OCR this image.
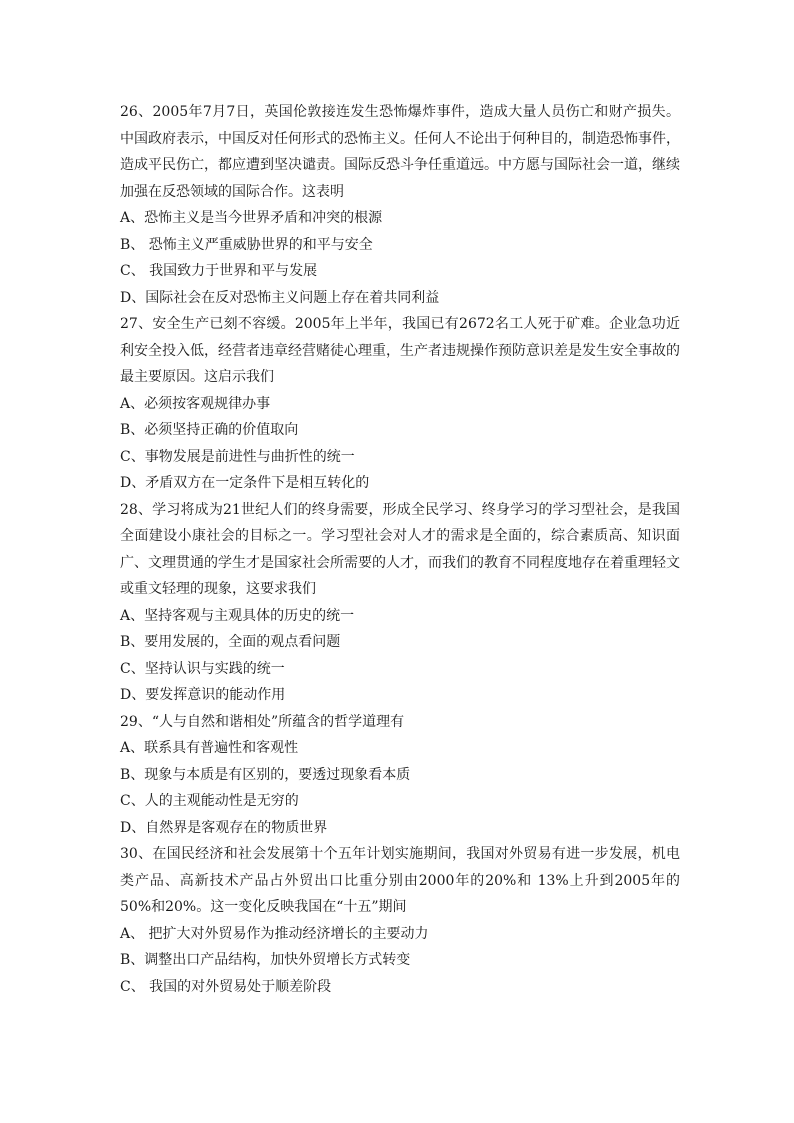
26、2005年7月7日，英国伦敦接连发生恐怖爆炸事件，造成大量人员伤亡和财产损失。中国政府表示，中国反对任何形式的恐怖主义。任何人不论出于何种目的，制造恐怖事件，造成平民伤亡，都应遭到坚决谴责。国际反恐斗争任重道远。中方愿与国际社会一道，继续加强在反恐领域的国际合作。这表明

A、恐怖主义是当今世界矛盾和冲突的根源

B、 恐怖主义严重威胁世界的和平与安全

C、 我国致力于世界和平与发展

D、国际社会在反对恐怖主义问题上存在着共同利益

27、安全生产已刻不容缓。2005年上半年，我国已有2672名工人死于矿难。企业急功近利安全投入低，经营者违章经营赌徒心理重，生产者违规操作预防意识差是发生安全事故的最主要原因。这启示我们

A、必须按客观规律办事

B、必须坚持正确的价值取向

C、事物发展是前进性与曲折性的统一

D、矛盾双方在一定条件下是相互转化的

28、学习将成为21世纪人们的终身需要，形成全民学习、终身学习的学习型社会，是我国全面建设小康社会的目标之一。学习型社会对人才的需求是全面的，综合素质高、知识面广、文理贯通的学生才是国家社会所需要的人才，而我们的教育不同程度地存在着重理轻文或重文轻理的现象，这要求我们

A、坚持客观与主观具体的历史的统一

B、要用发展的，全面的观点看问题

C、坚持认识与实践的统一

D、要发挥意识的能动作用

29、“人与自然和谐相处”所蕴含的哲学道理有

A、联系具有普遍性和客观性

B、现象与本质是有区别的，要透过现象看本质

C、人的主观能动性是无穷的

D、自然界是客观存在的物质世界

30、在国民经济和社会发展第十个五年计划实施期间，我国对外贸易有进一步发展，机电类产品、高新技术产品占外贸出口比重分别由2000年的20%和 13%上升到2005年的50%和20%。这一变化反映我国在“十五”期间

A、 把扩大对外贸易作为推动经济增长的主要动力

B、调整出口产品结构，加快外贸增长方式转变

C、 我国的对外贸易处于顺差阶段
